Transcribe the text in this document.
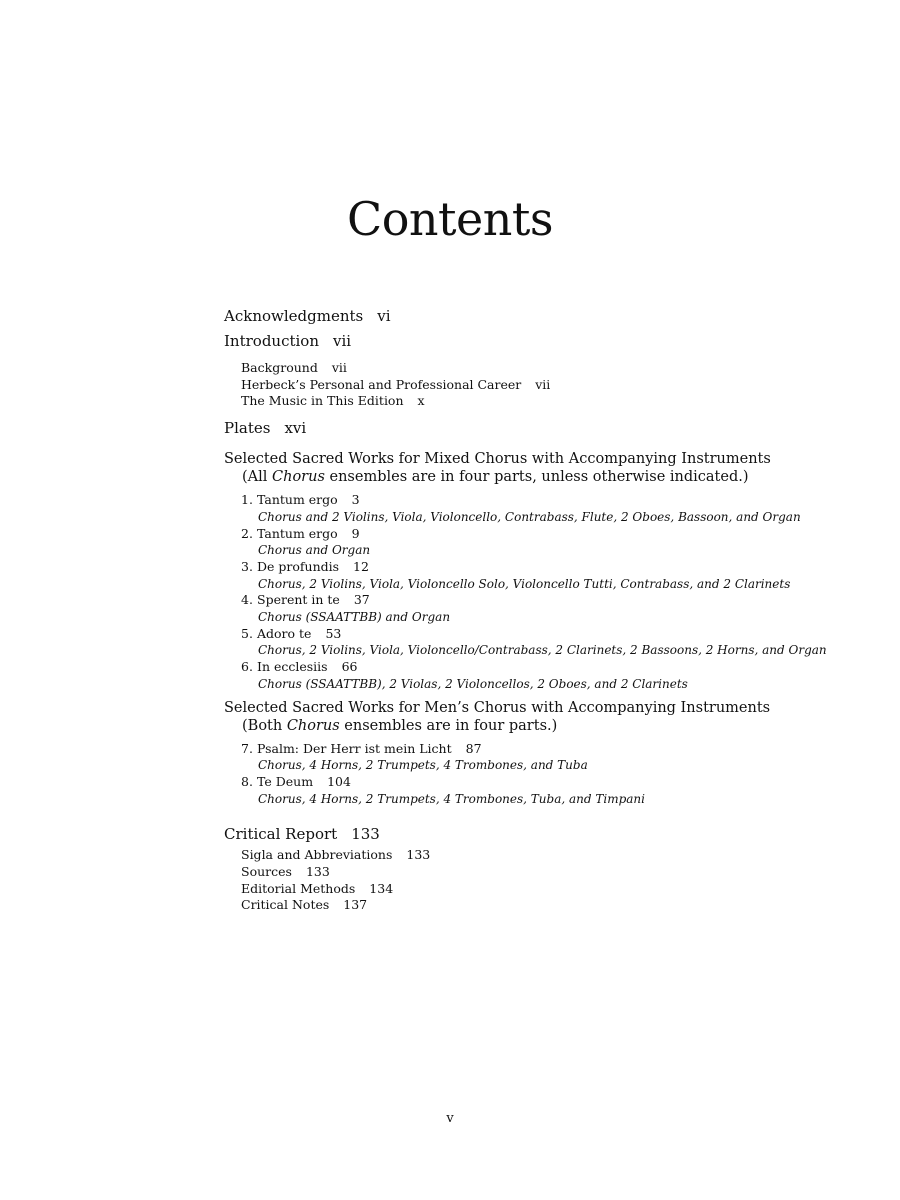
Contents
Acknowledgments vi
Introduction vii
Background vii
Herbeck’s Personal and Professional Career vii
The Music in This Edition x
Plates xvi
Selected Sacred Works for Mixed Chorus with Accompanying Instruments
(All Chorus ensembles are in four parts, unless otherwise indicated.)
1. Tantum ergo 3
Chorus and 2 Violins, Viola, Violoncello, Contrabass, Flute, 2 Oboes, Bassoon, and Organ
2. Tantum ergo 9
Chorus and Organ
3. De profundis 12
Chorus, 2 Violins, Viola, Violoncello Solo, Violoncello Tutti, Contrabass, and 2 Clarinets
4. Sperent in te 37
Chorus (SSAATTBB) and Organ
5. Adoro te 53
Chorus, 2 Violins, Viola, Violoncello/Contrabass, 2 Clarinets, 2 Bassoons, 2 Horns, and Organ
6. In ecclesiis 66
Chorus (SSAATTBB), 2 Violas, 2 Violoncellos, 2 Oboes, and 2 Clarinets
Selected Sacred Works for Men’s Chorus with Accompanying Instruments
(Both Chorus ensembles are in four parts.)
7. Psalm: Der Herr ist mein Licht 87
Chorus, 4 Horns, 2 Trumpets, 4 Trombones, and Tuba
8. Te Deum 104
Chorus, 4 Horns, 2 Trumpets, 4 Trombones, Tuba, and Timpani
Critical Report 133
Sigla and Abbreviations 133
Sources 133
Editorial Methods 134
Critical Notes 137
v
